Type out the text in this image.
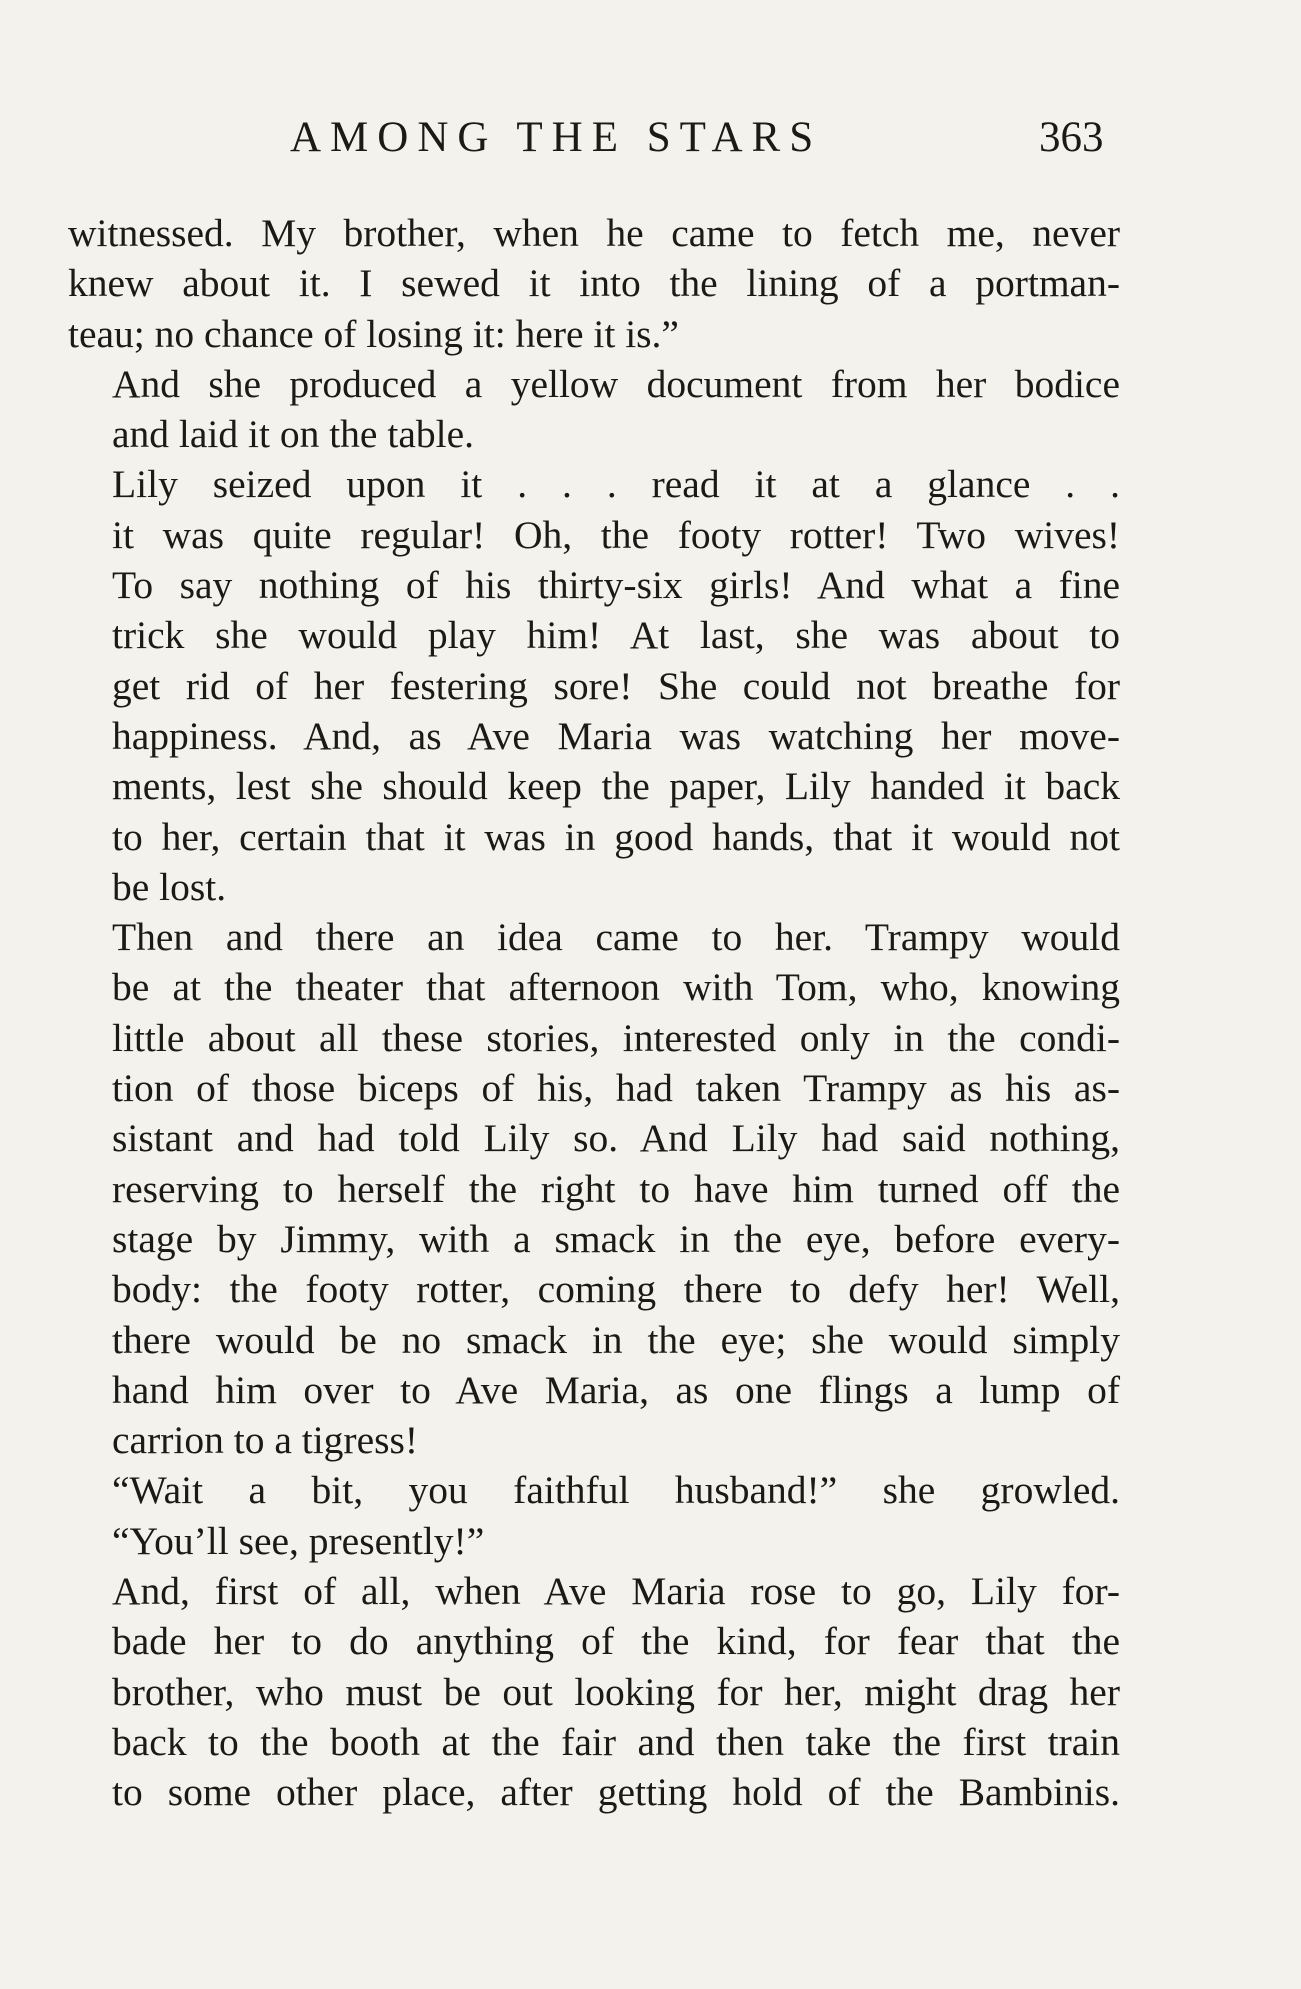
AMONG THE STARS	363

witnessed. My brother, when he came to fetch me, never
knew about it. I sewed it into the lining of a portman-
teau; no chance of losing it: here it is.”

And she produced a yellow document from her bodice
and laid it on the table.

Lily seized upon it . . . read it at a glance . .
it was quite regular! Oh, the footy rotter! Two wives!
To say nothing of his thirty-six girls! And what a fine
trick she would play him! At last, she was about to
get rid of her festering sore! She could not breathe for
happiness. And, as Ave Maria was watching her move-
ments, lest she should keep the paper, Lily handed it back
to her, certain that it was in good hands, that it would not
be lost.

Then and there an idea came to her. Trampy would
be at the theater that afternoon with Tom, who, knowing
little about all these stories, interested only in the condi-
tion of those biceps of his, had taken Trampy as his as-
sistant and had told Lily so. And Lily had said nothing,
reserving to herself the right to have him turned off the
stage by Jimmy, with a smack in the eye, before every-
body: the footy rotter, coming there to defy her! Well,
there would be no smack in the eye; she would simply
hand him over to Ave Maria, as one flings a lump of
carrion to a tigress!

“Wait a bit, you faithful husband!” she growled.
“You’ll see, presently!”

And, first of all, when Ave Maria rose to go, Lily for-
bade her to do anything of the kind, for fear that the
brother, who must be out looking for her, might drag her
back to the booth at the fair and then take the first train
to some other place, after getting hold of the Bambinis.
